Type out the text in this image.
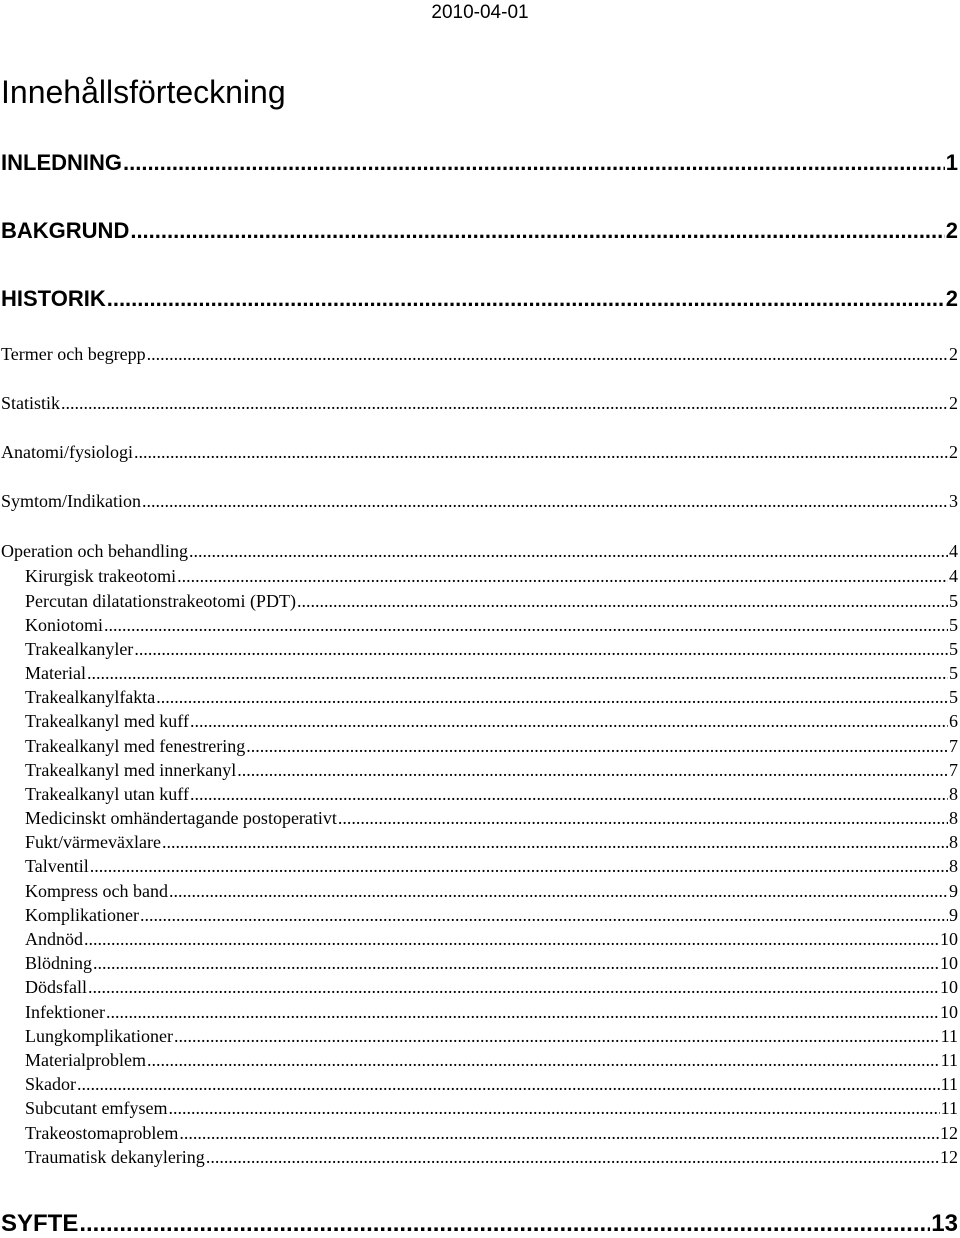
2010-04-01
Innehållsförteckning
INLEDNING .....	1
BAKGRUND .....	2
HISTORIK .....	2
Termer och begrepp .....	2
Statistik .....	2
Anatomi/fysiologi .....	2
Symtom/Indikation .....	3
Operation och behandling .....	4
Kirurgisk trakeotomi .....	4
Percutan dilatationstrakeotomi (PDT) .....	5
Koniotomi .....	5
Trakealkanyler .....	5
Material .....	5
Trakealkanylfakta .....	5
Trakealkanyl med kuff .....	6
Trakealkanyl med fenestrering .....	7
Trakealkanyl med innerkanyl .....	7
Trakealkanyl utan kuff .....	8
Medicinskt omhändertagande postoperativt .....	8
Fukt/värmeväxlare .....	8
Talventil .....	8
Kompress och band .....	9
Komplikationer .....	9
Andnöd .....	10
Blödning .....	10
Dödsfall .....	10
Infektioner .....	10
Lungkomplikationer .....	11
Materialproblem .....	11
Skador .....	11
Subcutant emfysem .....	11
Trakeostomaproblem .....	12
Traumatisk dekanylering .....	12
SYFTE .....	13
